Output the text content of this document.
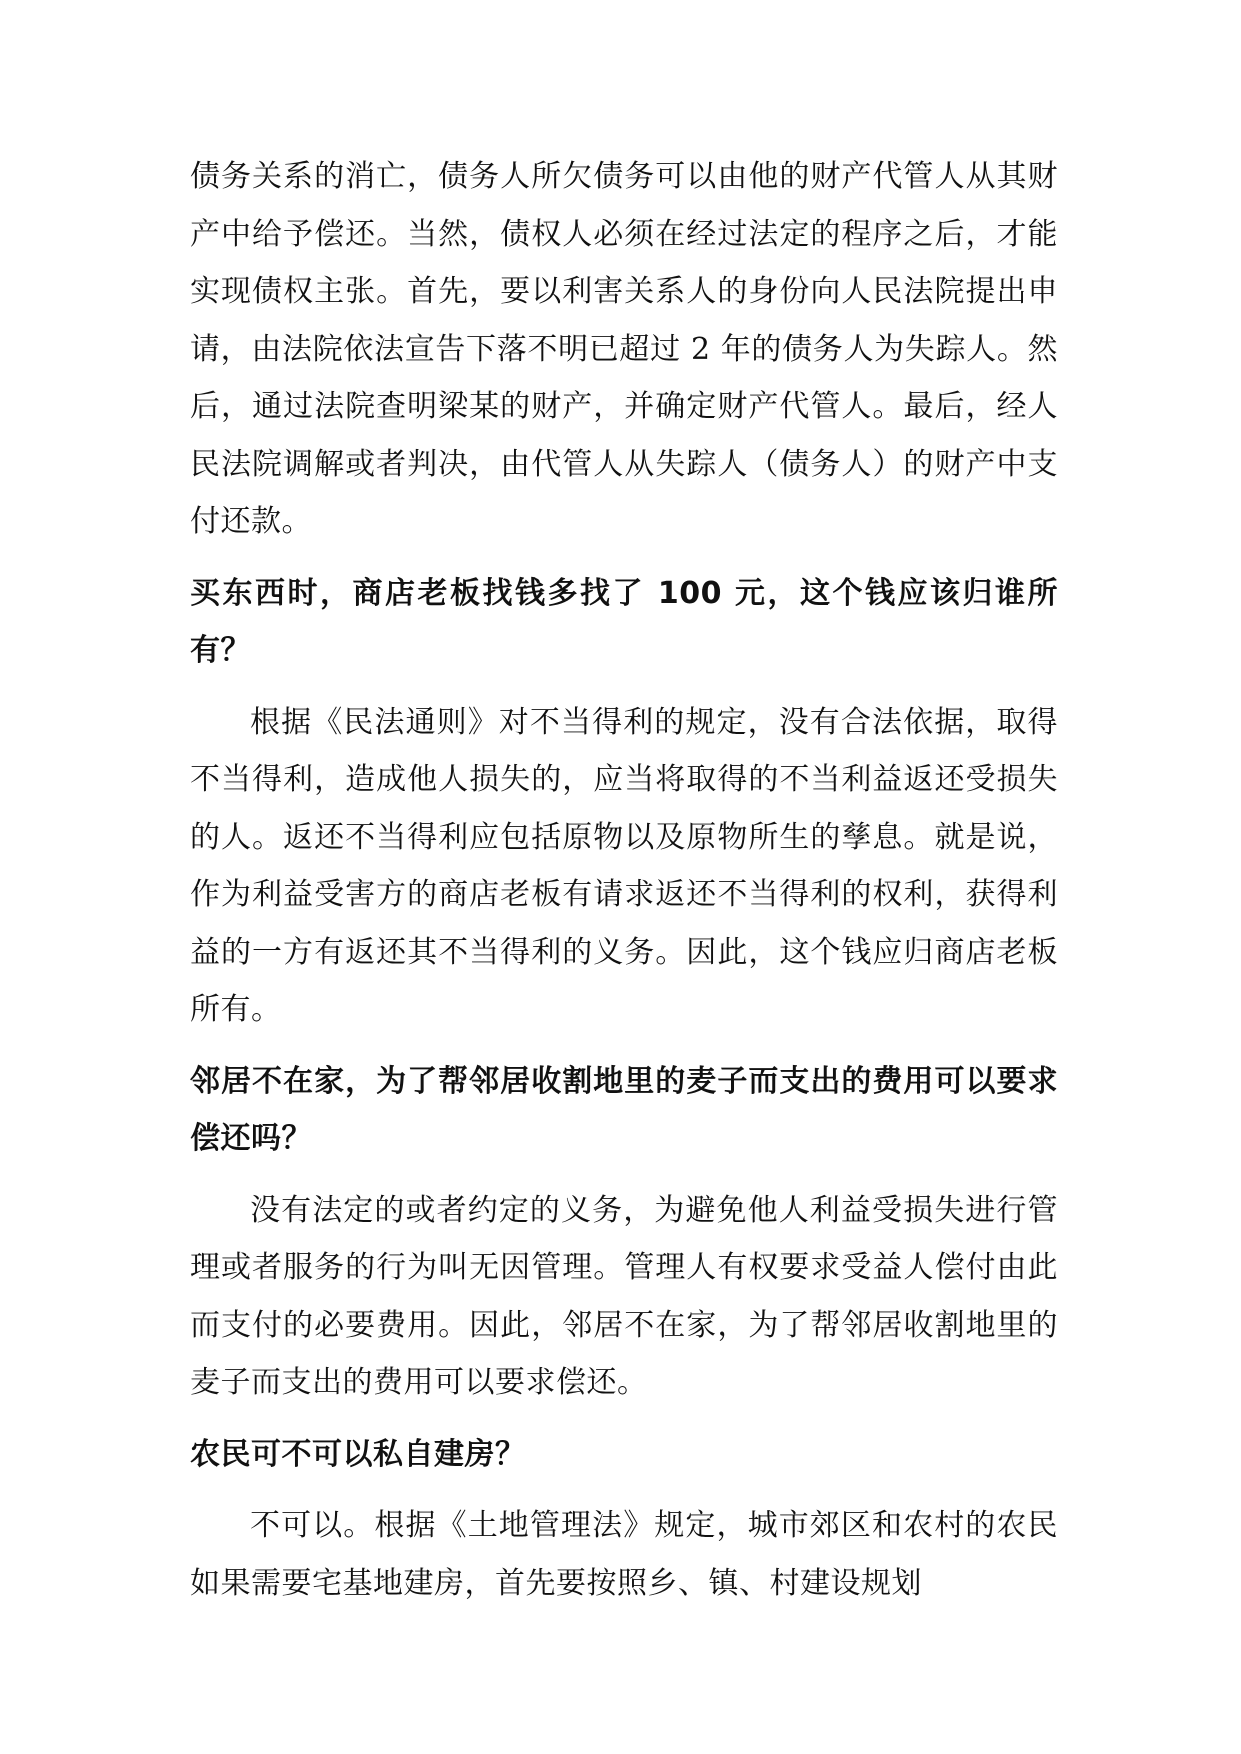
债务关系的消亡，债务人所欠债务可以由他的财产代管人从其财产中给予偿还。当然，债权人必须在经过法定的程序之后，才能实现债权主张。首先，要以利害关系人的身份向人民法院提出申请，由法院依法宣告下落不明已超过 2 年的债务人为失踪人。然后，通过法院查明梁某的财产，并确定财产代管人。最后，经人民法院调解或者判决，由代管人从失踪人（债务人）的财产中支付还款。

买东西时，商店老板找钱多找了 100 元，这个钱应该归谁所有？

根据《民法通则》对不当得利的规定，没有合法依据，取得不当得利，造成他人损失的，应当将取得的不当利益返还受损失的人。返还不当得利应包括原物以及原物所生的孳息。就是说，作为利益受害方的商店老板有请求返还不当得利的权利，获得利益的一方有返还其不当得利的义务。因此，这个钱应归商店老板所有。

邻居不在家，为了帮邻居收割地里的麦子而支出的费用可以要求偿还吗？

没有法定的或者约定的义务，为避免他人利益受损失进行管理或者服务的行为叫无因管理。管理人有权要求受益人偿付由此而支付的必要费用。因此，邻居不在家，为了帮邻居收割地里的麦子而支出的费用可以要求偿还。

农民可不可以私自建房？

不可以。根据《土地管理法》规定，城市郊区和农村的农民如果需要宅基地建房，首先要按照乡、镇、村建设规划
